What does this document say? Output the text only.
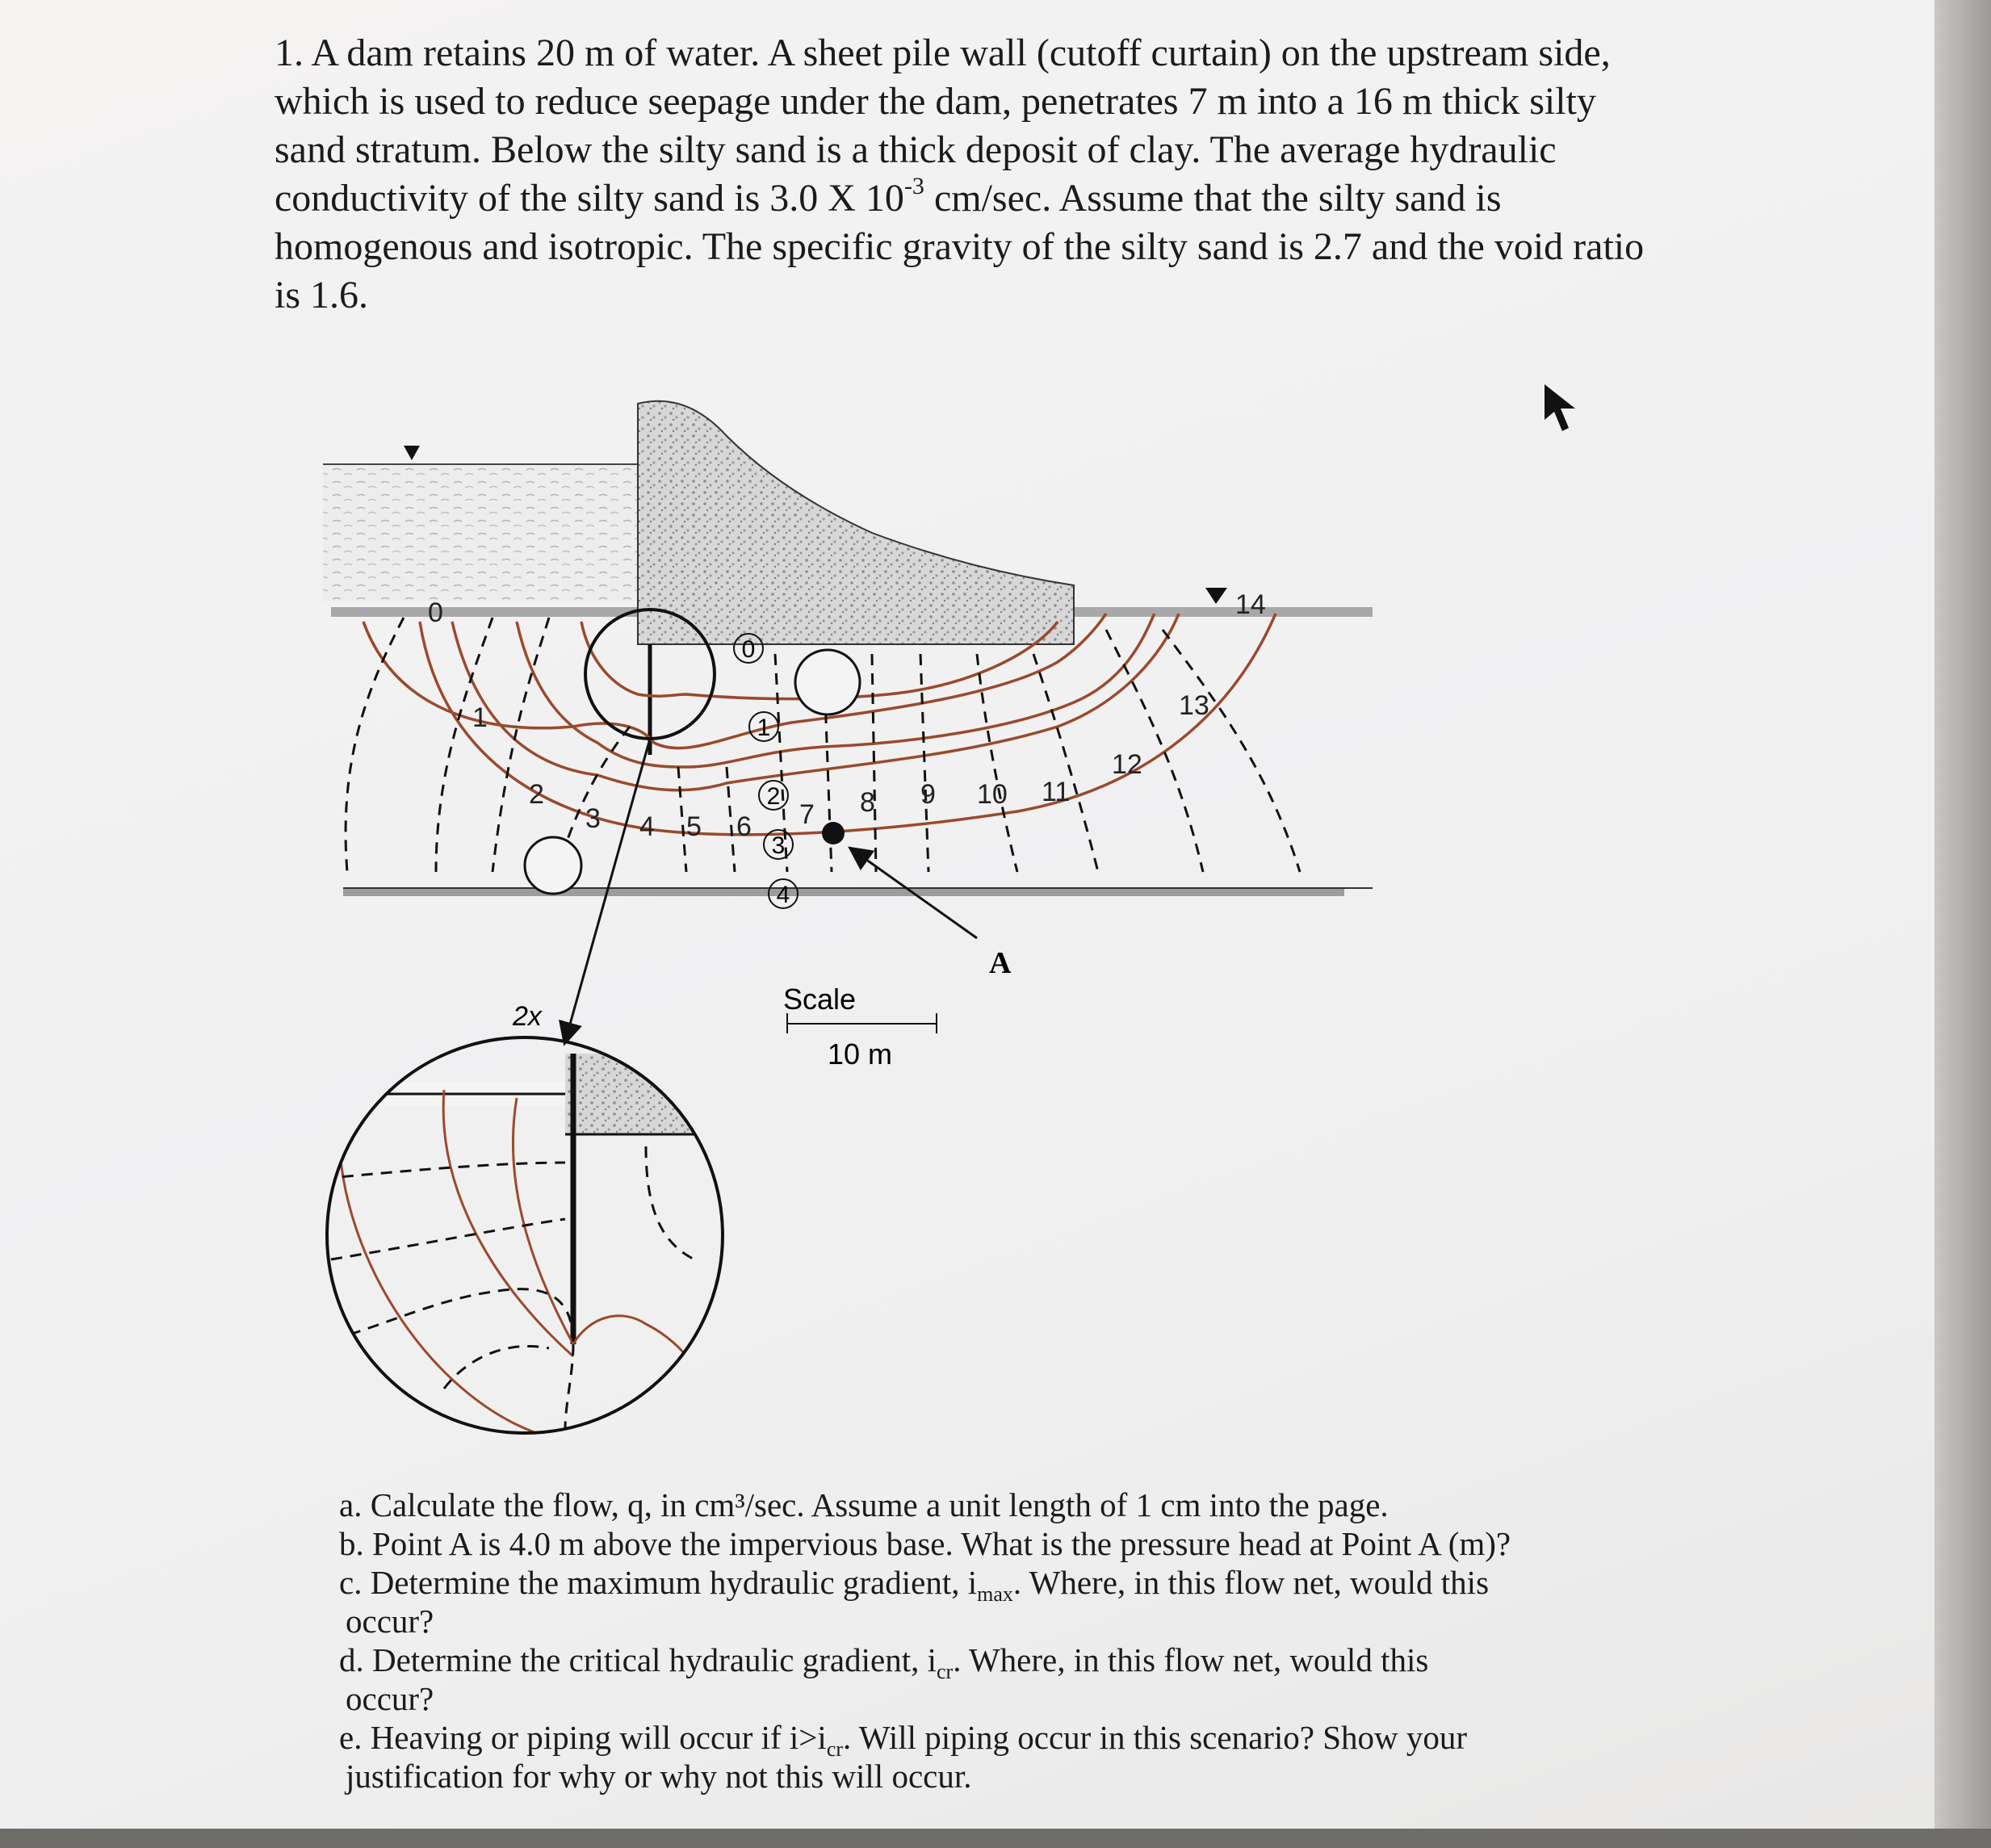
1. A dam retains 20 m of water. A sheet pile wall (cutoff curtain) on the upstream side,
which is used to reduce seepage under the dam, penetrates 7 m into a 16 m thick silty
sand stratum. Below the silty sand is a thick deposit of clay. The average hydraulic
conductivity of the silty sand is 3.0 X $10^{-3}$ cm/sec. Assume that the silty sand is
homogenous and isotropic. The specific gravity of the silty sand is 2.7 and the void ratio
is 1.6.
0
1
2
3
4
0
1
2
3 4 5 6 7 8 9 10 11
12
13
14
A
2x
Scale
10 m
a. Calculate the flow, q, in cm³/sec. Assume a unit length of 1 cm into the page.
b. Point A is 4.0 m above the impervious base. What is the pressure head at Point A (m)?
c. Determine the maximum hydraulic gradient, $i_{max}$. Where, in this flow net, would this
occur?
d. Determine the critical hydraulic gradient, $i_{cr}$. Where, in this flow net, would this
occur?
e. Heaving or piping will occur if $i>i_{cr}$. Will piping occur in this scenario? Show your
justification for why or why not this will occur.
